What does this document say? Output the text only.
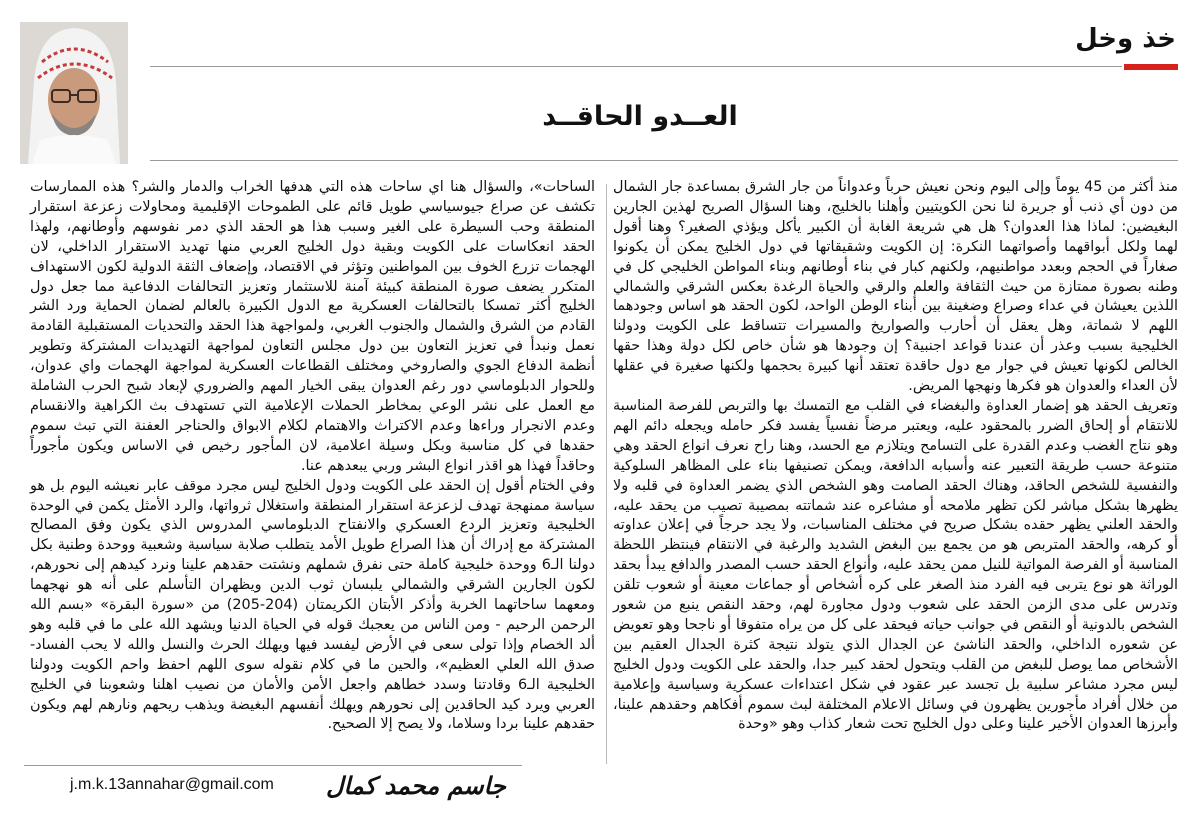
خذ وخل
العــدو الحاقــد

منذ أكثر من 45 يوماً وإلى اليوم ونحن نعيش حرباً وعدواناً من جار الشرق بمساعدة جار الشمال من دون أي ذنب أو جريرة لنا نحن الكويتيين وأهلنا بالخليج، وهنا السؤال الصريح لهذين الجارين البغيضين: لماذا هذا العدوان؟ هل هي شريعة الغابة أن الكبير يأكل ويؤذي الصغير؟ وهنا أقول لهما ولكل أبواقهما وأصواتهما النكرة: إن الكويت وشقيقاتها في دول الخليج يمكن أن يكونوا صغاراً في الحجم وبعدد مواطنيهم، ولكنهم كبار في بناء أوطانهم وبناء المواطن الخليجي كل في وطنه بصورة ممتازة من حيث الثقافة والعلم والرقي والحياة الرغدة بعكس الشرقي والشمالي اللذين يعيشان في عداء وصراع وضغينة بين أبناء الوطن الواحد، لكون الحقد هو اساس وجودهما اللهم لا شماتة، وهل يعقل أن أحارب والصواريخ والمسيرات تتساقط على الكويت ودولنا الخليجية بسبب وعذر أن عندنا قواعد اجنبية؟ إن وجودها هو شأن خاص لكل دولة وهذا حقها الخالص لكونها تعيش في جوار مع دول حاقدة تعتقد أنها كبيرة بحجمها ولكنها صغيرة في عقلها لأن العداء والعدوان هو فكرها ونهجها المريض.

وتعريف الحقد هو إضمار العداوة والبغضاء في القلب مع التمسك بها والتربص للفرصة المناسبة للانتقام أو إلحاق الضرر بالمحقود عليه، ويعتبر مرضاً نفسياً يفسد فكر حامله ويجعله دائم الهم وهو نتاج الغضب وعدم القدرة على التسامح ويتلازم مع الحسد، وهنا راح نعرف انواع الحقد وهي متنوعة حسب طريقة التعبير عنه وأسبابه الدافعة، ويمكن تصنيفها بناء على المظاهر السلوكية والنفسية للشخص الحاقد، وهناك الحقد الصامت وهو الشخص الذي يضمر العداوة في قلبه ولا يظهرها بشكل مباشر لكن تظهر ملامحه أو مشاعره عند شماتته بمصيبة تصيب من يحقد عليه، والحقد العلني يظهر حقده بشكل صريح في مختلف المناسبات، ولا يجد حرجاً في إعلان عداوته أو كرهه، والحقد المتربص هو من يجمع بين البغض الشديد والرغبة في الانتقام فينتظر اللحظة المناسبة أو الفرصة المواتية للنيل ممن يحقد عليه، وأنواع الحقد حسب المصدر والدافع يبدأ بحقد الوراثة هو نوع يتربى فيه الفرد منذ الصغر على كره أشخاص أو جماعات معينة أو شعوب تلقن وتدرس على مدى الزمن الحقد على شعوب ودول مجاورة لهم، وحقد النقص ينبع من شعور الشخص بالدونية أو النقص في جوانب حياته فيحقد على كل من يراه متفوقا أو ناجحا وهو تعويض عن شعوره الداخلي، والحقد الناشئ عن الجدال الذي يتولد نتيجة كثرة الجدال العقيم بين الأشخاص مما يوصل للبغض من القلب ويتحول لحقد كبير جدا، والحقد على الكويت ودول الخليج ليس مجرد مشاعر سلبية بل تجسد عبر عقود في شكل اعتداءات عسكرية وسياسية وإعلامية من خلال أفراد مأجورين يظهرون في وسائل الاعلام المختلفة لبث سموم أفكاهم وحقدهم علينا، وأبرزها العدوان الأخير علينا وعلى دول الخليج تحت شعار كذاب وهو «وحدة

الساحات»، والسؤال هنا اي ساحات هذه التي هدفها الخراب والدمار والشر؟ هذه الممارسات تكشف عن صراع جيوسياسي طويل قائم على الطموحات الإقليمية ومحاولات زعزعة استقرار المنطقة وحب السيطرة على الغير وسبب هذا هو الحقد الذي دمر نفوسهم وأوطانهم، ولهذا الحقد انعكاسات على الكويت وبقية دول الخليج العربي منها تهديد الاستقرار الداخلي، لان الهجمات تزرع الخوف بين المواطنين وتؤثر في الاقتصاد، وإضعاف الثقة الدولية لكون الاستهداف المتكرر يضعف صورة المنطقة كبيئة آمنة للاستثمار وتعزيز التحالفات الدفاعية مما جعل دول الخليج أكثر تمسكا بالتحالفات العسكرية مع الدول الكبيرة بالعالم لضمان الحماية ورد الشر القادم من الشرق والشمال والجنوب الغربي، ولمواجهة هذا الحقد والتحديات المستقبلية القادمة نعمل ونبدأ في تعزيز التعاون بين دول مجلس التعاون لمواجهة التهديدات المشتركة وتطوير أنظمة الدفاع الجوي والصاروخي ومختلف القطاعات العسكرية لمواجهة الهجمات واي عدوان، وللحوار الدبلوماسي دور رغم العدوان يبقى الخيار المهم والضروري لإبعاد شبح الحرب الشاملة مع العمل على نشر الوعي بمخاطر الحملات الإعلامية التي تستهدف بث الكراهية والانقسام وعدم الانجرار وراءها وعدم الاكتراث والاهتمام لكلام الابواق والحناجر العفنة التي تبث سموم حقدها في كل مناسبة وبكل وسيلة اعلامية، لان المأجور رخيص في الاساس ويكون مأجوراً وحاقداً فهذا هو اقذر انواع البشر وربي يبعدهم عنا.

وفي الختام أقول إن الحقد على الكويت ودول الخليج ليس مجرد موقف عابر نعيشه اليوم بل هو سياسة ممنهجة تهدف لزعزعة استقرار المنطقة واستغلال ثرواتها، والرد الأمثل يكمن في الوحدة الخليجية وتعزيز الردع العسكري والانفتاح الدبلوماسي المدروس الذي يكون وفق المصالح المشتركة مع إدراك أن هذا الصراع طويل الأمد يتطلب صلابة سياسية وشعبية ووحدة وطنية بكل دولنا الـ6 ووحدة خليجية كاملة حتى نفرق شملهم ونشتت حقدهم علينا ونرد كيدهم إلى نحورهم، لكون الجارين الشرقي والشمالي يلبسان ثوب الدين ويظهران التأسلم على أنه هو نهجهما ومعهما ساحاتهما الخربة وأذكر الأبتان الكريمتان (204-205) من «سورة البقرة» «بسم الله الرحمن الرحيم - ومن الناس من يعجبك قوله في الحياة الدنيا ويشهد الله على ما في قلبه وهو ألد الخصام وإذا تولى سعى في الأرض ليفسد فيها ويهلك الحرث والنسل والله لا يحب الفساد- صدق الله العلي العظيم»، والحين ما في كلام نقوله سوى اللهم احفظ واحم الكويت ودولنا الخليجية الـ6 وقادتنا وسدد خطاهم واجعل الأمن والأمان من نصيب اهلنا وشعوبنا في الخليج العربي ويرد كيد الحاقدين إلى نحورهم ويهلك أنفسهم البغيضة ويذهب ريحهم ونارهم لهم ويكون حقدهم علينا بردا وسلاما، ولا يصح إلا الصحيح.

جاسم محمد كمال
j.m.k.13annahar@gmail.com
